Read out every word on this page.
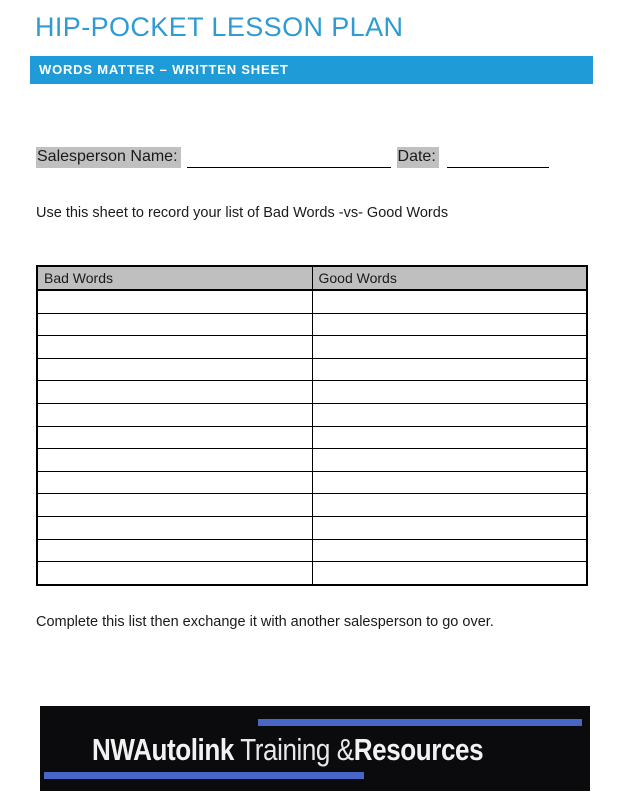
HIP-POCKET LESSON PLAN
WORDS MATTER – WRITTEN SHEET
Salesperson Name:	Date:
Use this sheet to record your list of Bad Words -vs- Good Words
Bad Words	Good Words

Complete this list then exchange it with another salesperson to go over.
NWAutolink Training &Resources
